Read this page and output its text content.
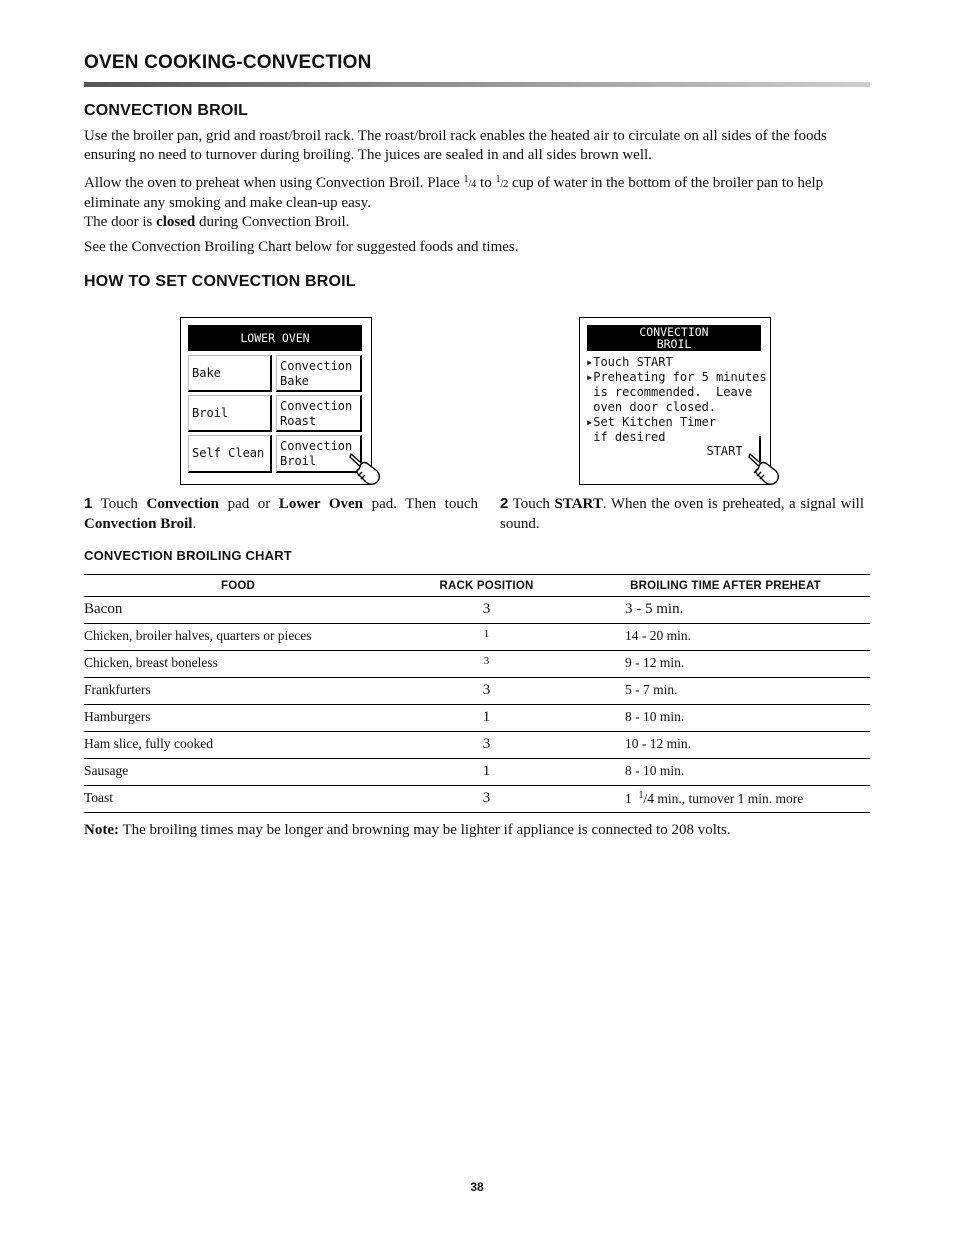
OVEN COOKING-CONVECTION
CONVECTION BROIL

Use the broiler pan, grid and roast/broil rack. The roast/broil rack enables the heated air to circulate on all sides of the foods ensuring no need to turnover during broiling. The juices are sealed in and all sides brown well.

Allow the oven to preheat when using Convection Broil. Place $^1$/4 to $^1$/2 cup of water in the bottom of the broiler pan to help eliminate any smoking and make clean-up easy.

The door is closed during Convection Broil.

See the Convection Broiling Chart below for suggested foods and times.

HOW TO SET CONVECTION BROIL
LOWER OVEN
Bake	Convection
Bake
Broil	Convection
Roast
Self Clean Convection
Broil
CONVECTION
BROIL
▸Touch START
▸Preheating for 5 minutes
is recommended.  Leave
oven door closed.
▸Set Kitchen Timer
if desired
START
1 Touch Convection pad or Lower Oven pad. Then touch Convection Broil.
2 Touch START. When the oven is preheated, a signal will sound.
CONVECTION BROILING CHART
FOOD	RACK POSITION	BROILING TIME AFTER PREHEAT
Bacon	3	3 - 5 min.
Chicken, broiler halves, quarters or pieces	1	14 - 20 min.
Chicken, breast boneless	3	9 - 12 min.
Frankfurters	3	5 - 7 min.
Hamburgers	1	8 - 10 min.
Ham slice, fully cooked	3	10 - 12 min.
Sausage	1	8 - 10 min.
Toast	3	1  $^1$/4 min., turnover 1 min. more
Note: The broiling times may be longer and browning may be lighter if appliance is connected to 208 volts.
38
